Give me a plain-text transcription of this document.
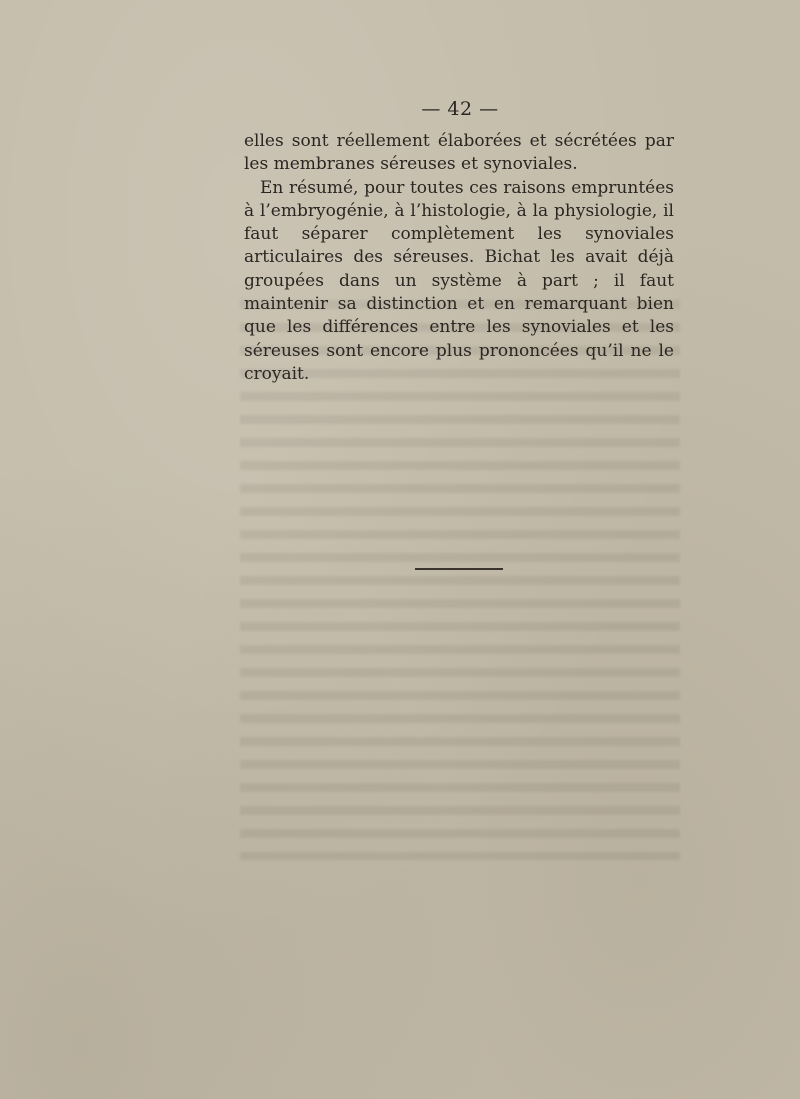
— 42 —

elles sont réellement élaborées et sécrétées par les membranes séreuses et synoviales.

En résumé, pour toutes ces raisons empruntées à l’embryogénie, à l’histologie, à la physiologie, il faut séparer complètement les synoviales articulaires des séreuses. Bichat les avait déjà groupées dans un système à part ; il faut maintenir sa distinction et en remarquant bien que les différences entre les synoviales et les séreuses sont encore plus prononcées qu’il ne le croyait.
